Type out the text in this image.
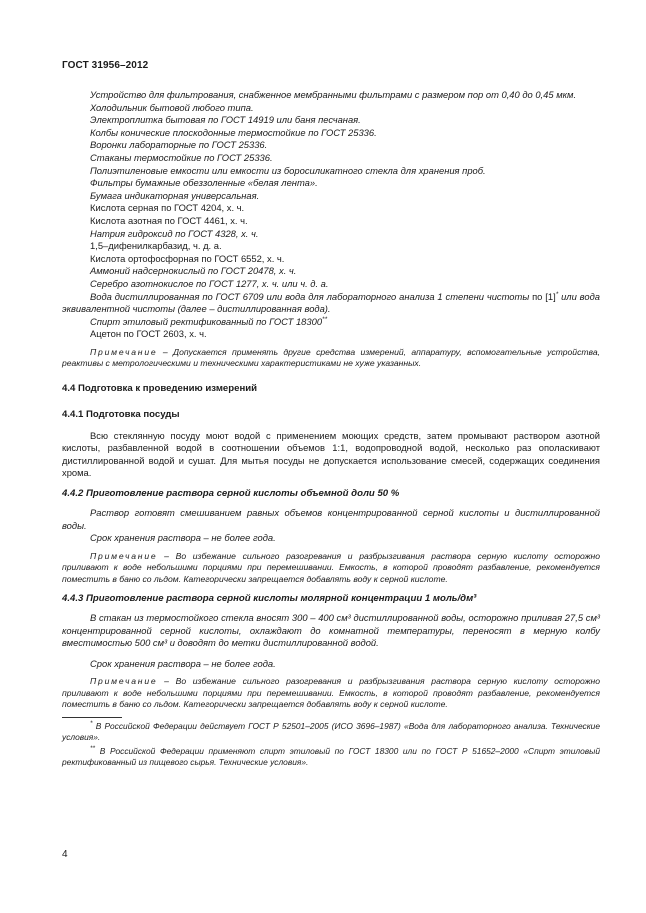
ГОСТ 31956–2012

Устройство для фильтрования, снабженное мембранными фильтрами с размером пор от 0,40 до 0,45 мкм.

Холодильник бытовой любого типа.

Электроплитка бытовая по ГОСТ 14919 или баня песчаная.

Колбы конические плоскодонные термостойкие по ГОСТ 25336.

Воронки лабораторные по ГОСТ 25336.

Стаканы термостойкие по ГОСТ 25336.

Полиэтиленовые емкости или емкости из боросиликатного стекла для хранения проб.

Фильтры бумажные обеззоленные «белая лента».

Бумага индикаторная универсальная.

Кислота серная по ГОСТ 4204, х. ч.

Кислота азотная по ГОСТ 4461, х. ч.

Натрия гидроксид по ГОСТ 4328, х. ч.

1,5–дифенилкарбазид, ч. д. а.

Кислота ортофосфорная по ГОСТ 6552, х. ч.

Аммоний надсернокислый по ГОСТ 20478, х. ч.

Серебро азотнокислое по ГОСТ 1277, х. ч. или ч. д. а.

Вода дистиллированная по ГОСТ 6709 или вода для лабораторного анализа 1 степени чистоты по [1]* или вода эквивалентной чистоты (далее – дистиллированная вода).

Спирт этиловый ректификованный по ГОСТ 18300**

Ацетон по ГОСТ 2603, х. ч.

Примечание – Допускается применять другие средства измерений, аппаратуру, вспомогательные устройства, реактивы с метрологическими и техническими характеристиками не хуже указанных.

4.4 Подготовка к проведению измерений

4.4.1 Подготовка посуды

Всю стеклянную посуду моют водой с применением моющих средств, затем промывают раствором азотной кислоты, разбавленной водой в соотношении объемов 1:1, водопроводной водой, несколько раз ополаскивают дистиллированной водой и сушат. Для мытья посуды не допускается использование смесей, содержащих соединения хрома.

4.4.2 Приготовление раствора серной кислоты объемной доли 50 %

Раствор готовят смешиванием равных объемов концентрированной серной кислоты и дистиллированной воды.

Срок хранения раствора – не более года.

Примечание – Во избежание сильного разогревания и разбрызгивания раствора серную кислоту осторожно приливают к воде небольшими порциями при перемешивании. Емкость, в которой проводят разбавление, рекомендуется поместить в баню со льдом. Категорически запрещается добавлять воду к серной кислоте.

4.4.3 Приготовление раствора серной кислоты молярной концентрации 1 моль/дм³

В стакан из термостойкого стекла вносят 300 – 400 см³ дистиллированной воды, осторожно приливая 27,5 см³ концентрированной серной кислоты, охлаждают до комнатной температуры, переносят в мерную колбу вместимостью 500 см³ и доводят до метки дистиллированной водой.

Срок хранения раствора – не более года.

Примечание – Во избежание сильного разогревания и разбрызгивания раствора серную кислоту осторожно приливают к воде небольшими порциями при перемешивании. Емкость, в которой проводят разбавление, рекомендуется поместить в баню со льдом. Категорически запрещается добавлять воду к серной кислоте.

* В Российской Федерации действует ГОСТ Р 52501–2005 (ИСО 3696–1987) «Вода для лабораторного анализа. Технические условия».

** В Российской Федерации применяют спирт этиловый по ГОСТ 18300 или по ГОСТ Р 51652–2000 «Спирт этиловый ректификованный из пищевого сырья. Технические условия».

4
